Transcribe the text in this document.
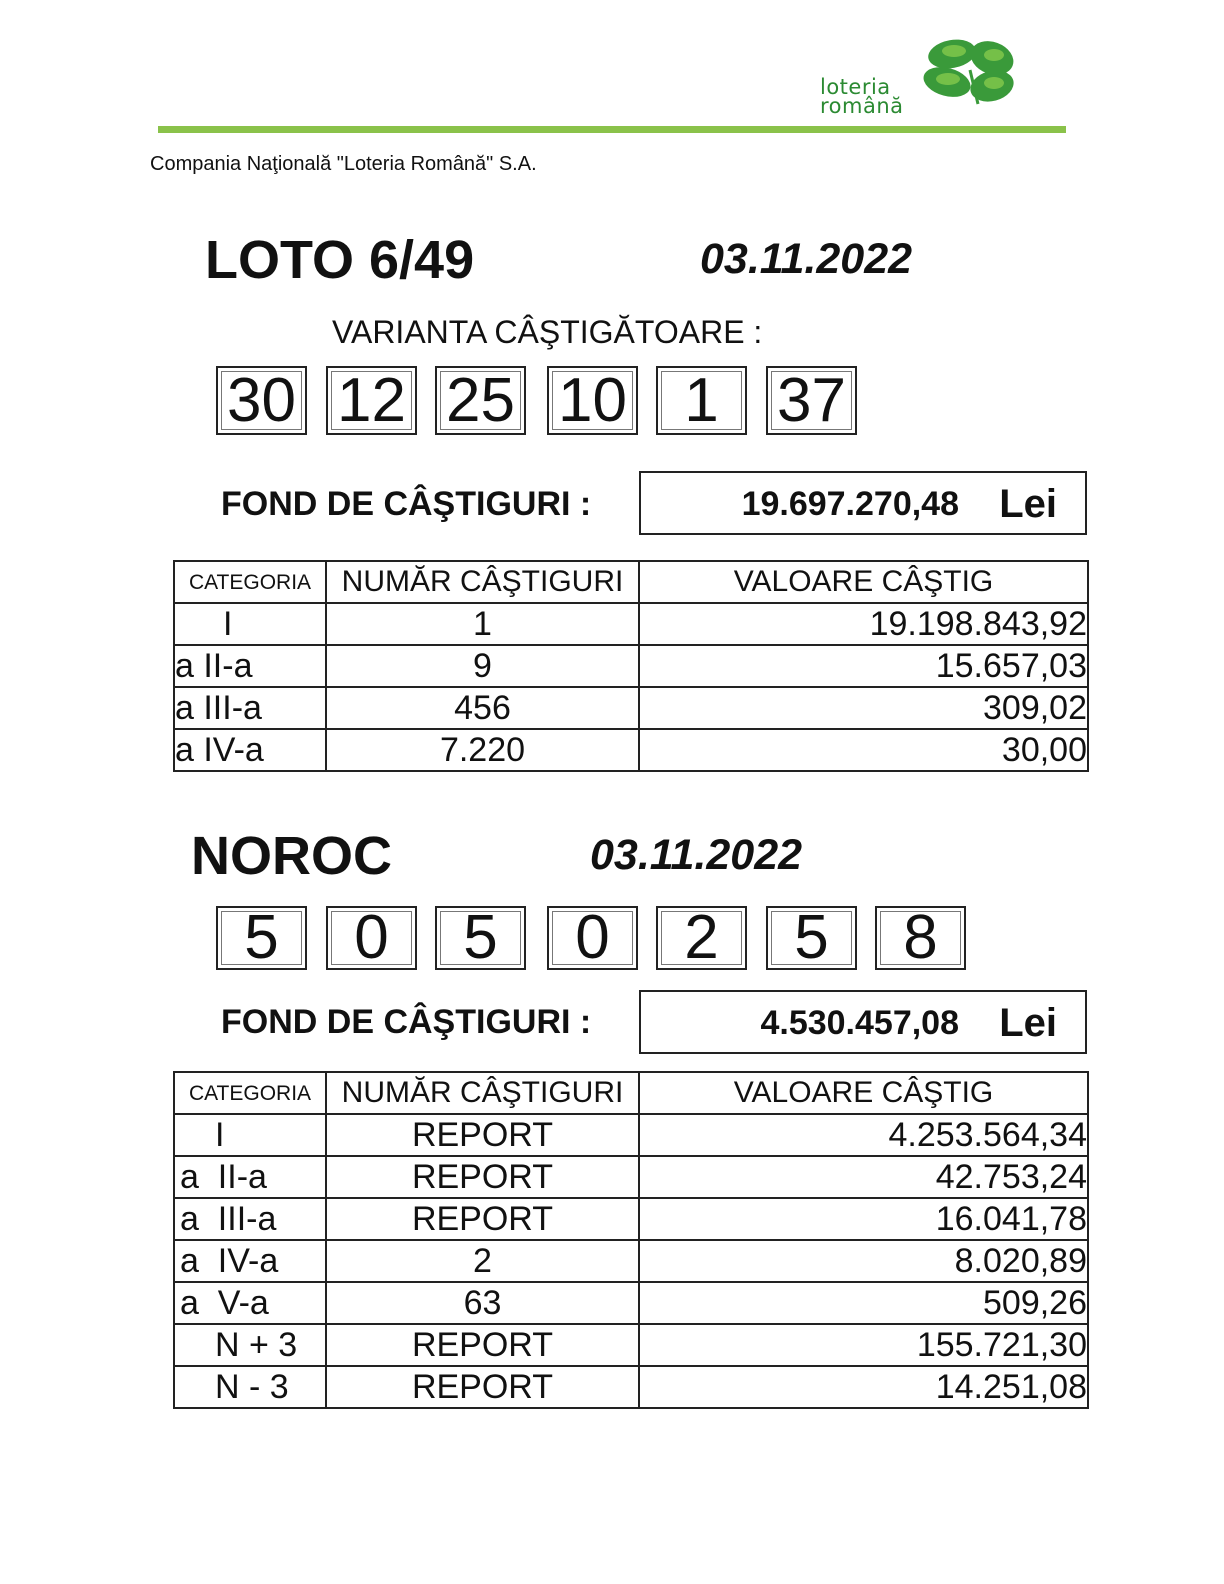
loteria
română
Compania Naţională "Loteria Română" S.A.
LOTO 6/49	03.11.2022
VARIANTA CÂŞTIGĂTOARE :
30 12 25 10 1 37
FOND DE CÂŞTIGURI :	19.697.270,48 Lei
CATEGORIA	NUMĂR CÂŞTIGURI	VALOARE CÂŞTIG
I	1	19.198.843,92
a II-a	9	15.657,03
a III-a	456	309,02
a IV-a	7.220	30,00
NOROC	03.11.2022
5	0	5	0	2	5	8
FOND DE CÂŞTIGURI :	4.530.457,08 Lei
CATEGORIA	NUMĂR CÂŞTIGURI	VALOARE CÂŞTIG
I	REPORT	4.253.564,34
a  II-a	REPORT	42.753,24
a  III-a	REPORT	16.041,78
a  IV-a	2	8.020,89
a  V-a	63	509,26
N + 3	REPORT	155.721,30
N - 3	REPORT	14.251,08
